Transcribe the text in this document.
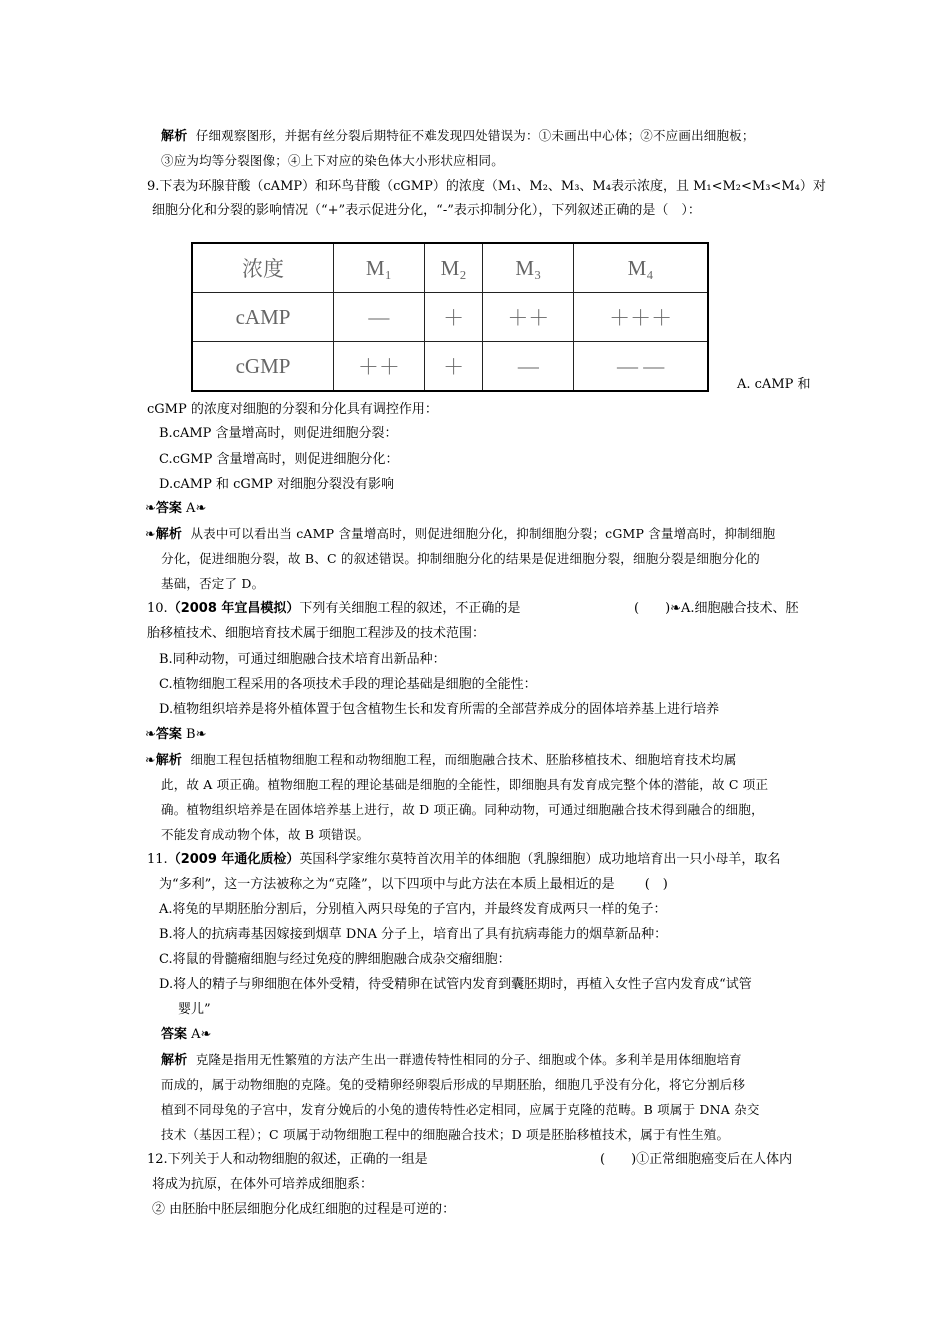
解析 仔细观察图形，并据有丝分裂后期特征不难发现四处错误为：①未画出中心体；②不应画出细胞板；
③应为均等分裂图像；④上下对应的染色体大小形状应相同。
9.下表为环腺苷酸（cAMP）和环鸟苷酸（cGMP）的浓度（M₁、M₂、M₃、M₄表示浓度，且 M₁<M₂<M₃<M₄）对
细胞分化和分裂的影响情况（“+”表示促进分化，“-”表示抑制分化），下列叙述正确的是（　）：
浓度	M₁	M₂	M₃	M₄
cAMP	—	＋	＋＋	＋＋＋
cGMP	＋＋	＋	—	— —
A. cAMP 和
cGMP 的浓度对细胞的分裂和分化具有调控作用：
B.cAMP 含量增高时，则促进细胞分裂：
C.cGMP 含量增高时，则促进细胞分化：
D.cAMP 和 cGMP 对细胞分裂没有影响
❧答案 A❧
❧解析 从表中可以看出当 cAMP 含量增高时，则促进细胞分化，抑制细胞分裂；cGMP 含量增高时，抑制细胞
分化，促进细胞分裂，故 B、C 的叙述错误。抑制细胞分化的结果是促进细胞分裂，细胞分裂是细胞分化的
基础，否定了 D。
10.（2008 年宜昌模拟）下列有关细胞工程的叙述，不正确的是	(　　)❧A.细胞融合技术、胚
胎移植技术、细胞培育技术属于细胞工程涉及的技术范围：
B.同种动物，可通过细胞融合技术培育出新品种：
C.植物细胞工程采用的各项技术手段的理论基础是细胞的全能性：
D.植物组织培养是将外植体置于包含植物生长和发育所需的全部营养成分的固体培养基上进行培养
❧答案 B❧
❧解析 细胞工程包括植物细胞工程和动物细胞工程，而细胞融合技术、胚胎移植技术、细胞培育技术均属
此，故 A 项正确。植物细胞工程的理论基础是细胞的全能性，即细胞具有发育成完整个体的潜能，故 C 项正
确。植物组织培养是在固体培养基上进行，故 D 项正确。同种动物，可通过细胞融合技术得到融合的细胞，
不能发育成动物个体，故 B 项错误。
11.（2009 年通化质检）英国科学家维尔莫特首次用羊的体细胞（乳腺细胞）成功地培育出一只小母羊，取名
为“多利”，这一方法被称之为“克隆”，以下四项中与此方法在本质上最相近的是　　 (　)
A.将兔的早期胚胎分割后，分别植入两只母兔的子宫内，并最终发育成两只一样的兔子：
B.将人的抗病毒基因嫁接到烟草 DNA 分子上，培育出了具有抗病毒能力的烟草新品种：
C.将鼠的骨髓瘤细胞与经过免疫的脾细胞融合成杂交瘤细胞：
D.将人的精子与卵细胞在体外受精，待受精卵在试管内发育到囊胚期时，再植入女性子宫内发育成“试管
婴儿”
答案 A❧
解析 克隆是指用无性繁殖的方法产生出一群遗传特性相同的分子、细胞或个体。多利羊是用体细胞培育
而成的，属于动物细胞的克隆。兔的受精卵经卵裂后形成的早期胚胎，细胞几乎没有分化，将它分割后移
植到不同母兔的子宫中，发育分娩后的小兔的遗传特性必定相同，应属于克隆的范畴。B 项属于 DNA 杂交
技术（基因工程）；C 项属于动物细胞工程中的细胞融合技术；D 项是胚胎移植技术，属于有性生殖。
12.下列关于人和动物细胞的叙述，正确的一组是	(　　)①正常细胞癌变后在人体内
将成为抗原，在体外可培养成细胞系：
② 由胚胎中胚层细胞分化成红细胞的过程是可逆的：
